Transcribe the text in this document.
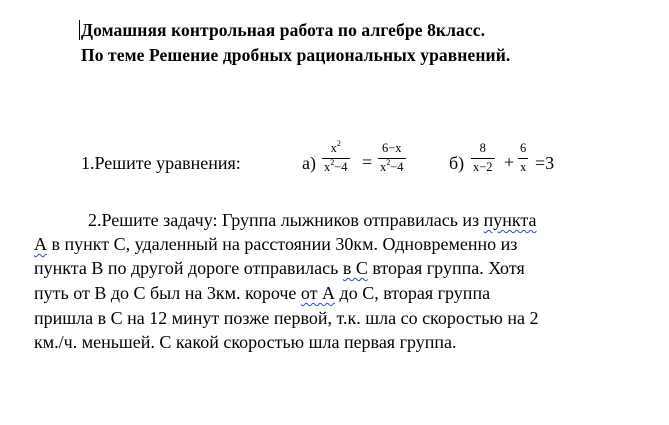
Домашняя контрольная работа по алгебре 8класс.
По теме Решение дробных рациональных уравнений.
1.Решите уравнения:	а)
$x^2$
$x^2-4$ =
6−x
$x^2-4$	б)
8
x−2 +
6
x =3
2.Решите задачу: Группа лыжников отправилась из пункта
А в пункт С, удаленный на расстоянии 30км. Одновременно из
пункта В по другой дороге отправилась в С вторая группа. Хотя
путь от В до С был на 3км. короче от А до С, вторая группа
пришла в С на 12 минут позже первой, т.к. шла со скоростью на 2
км./ч. меньшей. С какой скоростью шла первая группа.
